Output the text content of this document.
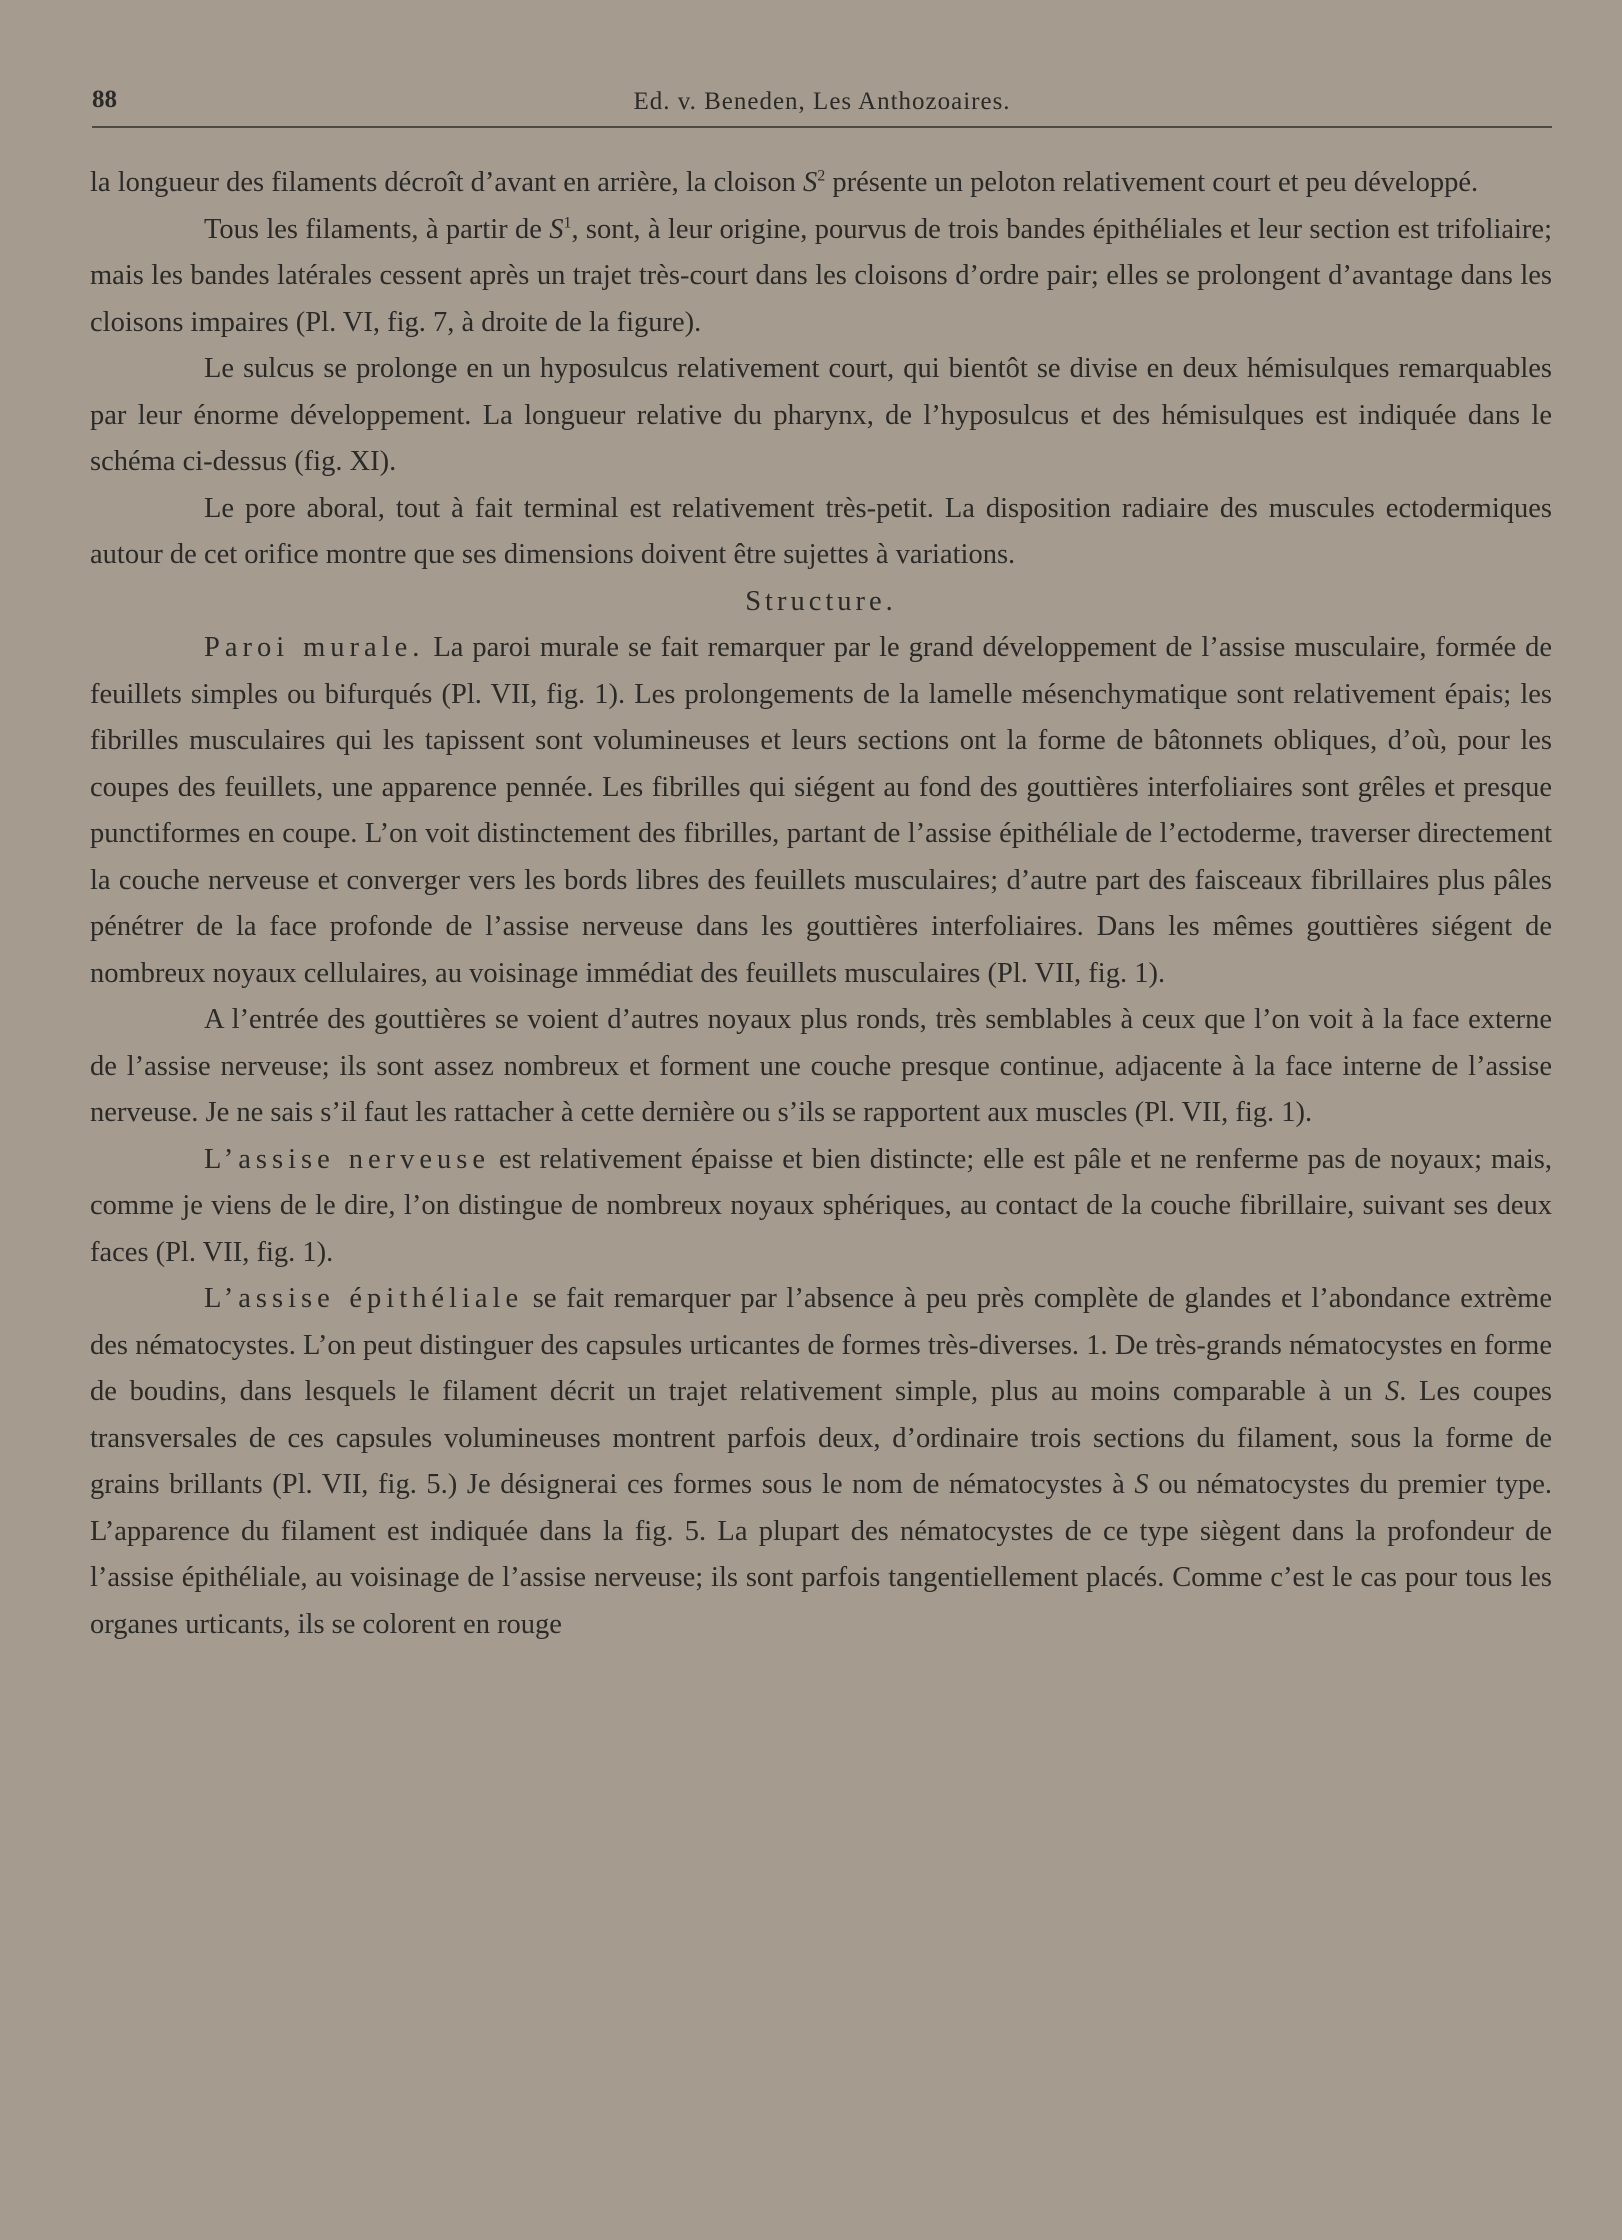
88	Ed. v. Beneden, Les Anthozoaires.

la longueur des filaments décroît d’avant en arrière, la cloison $S^2$ présente un peloton relativement court et peu développé.

Tous les filaments, à partir de $S^1$, sont, à leur origine, pourvus de trois bandes épithéliales et leur section est trifoliaire; mais les bandes latérales cessent après un trajet très-court dans les cloisons d’ordre pair; elles se prolongent d’avantage dans les cloisons impaires (Pl. VI, fig. 7, à droite de la figure).

Le sulcus se prolonge en un hyposulcus relativement court, qui bientôt se divise en deux hémisulques remarquables par leur énorme développement. La longueur relative du pharynx, de l’hyposulcus et des hémisulques est indiquée dans le schéma ci-dessus (fig. XI).

Le pore aboral, tout à fait terminal est relativement très-petit. La disposition radiaire des muscules ectodermiques autour de cet orifice montre que ses dimensions doivent être sujettes à variations.

Structure.

Paroi murale. La paroi murale se fait remarquer par le grand développement de l’assise musculaire, formée de feuillets simples ou bifurqués (Pl. VII, fig. 1). Les prolongements de la lamelle mésenchymatique sont relativement épais; les fibrilles musculaires qui les tapissent sont volumineuses et leurs sections ont la forme de bâtonnets obliques, d’où, pour les coupes des feuillets, une apparence pennée. Les fibrilles qui siégent au fond des gouttières interfoliaires sont grêles et presque punctiformes en coupe. L’on voit distinctement des fibrilles, partant de l’assise épithéliale de l’ectoderme, traverser directement la couche nerveuse et converger vers les bords libres des feuillets musculaires; d’autre part des faisceaux fibrillaires plus pâles pénétrer de la face profonde de l’assise nerveuse dans les gouttières interfoliaires. Dans les mêmes gouttières siégent de nombreux noyaux cellulaires, au voisinage immédiat des feuillets musculaires (Pl. VII, fig. 1).

A l’entrée des gouttières se voient d’autres noyaux plus ronds, très semblables à ceux que l’on voit à la face externe de l’assise nerveuse; ils sont assez nombreux et forment une couche presque continue, adjacente à la face interne de l’assise nerveuse. Je ne sais s’il faut les rattacher à cette dernière ou s’ils se rapportent aux muscles (Pl. VII, fig. 1).

L’assise nerveuse est relativement épaisse et bien distincte; elle est pâle et ne renferme pas de noyaux; mais, comme je viens de le dire, l’on distingue de nombreux noyaux sphériques, au contact de la couche fibrillaire, suivant ses deux faces (Pl. VII, fig. 1).

L’assise épithéliale se fait remarquer par l’absence à peu près complète de glandes et l’abondance extrème des nématocystes. L’on peut distinguer des capsules urticantes de formes très-diverses. 1. De très-grands nématocystes en forme de boudins, dans lesquels le filament décrit un trajet relativement simple, plus au moins comparable à un S. Les coupes transversales de ces capsules volumineuses montrent parfois deux, d’ordinaire trois sections du filament, sous la forme de grains brillants (Pl. VII, fig. 5.) Je désignerai ces formes sous le nom de nématocystes à S ou nématocystes du premier type. L’apparence du filament est indiquée dans la fig. 5. La plupart des nématocystes de ce type siègent dans la profondeur de l’assise épithéliale, au voisinage de l’assise nerveuse; ils sont parfois tangentiellement placés. Comme c’est le cas pour tous les organes urticants, ils se colorent en rouge
